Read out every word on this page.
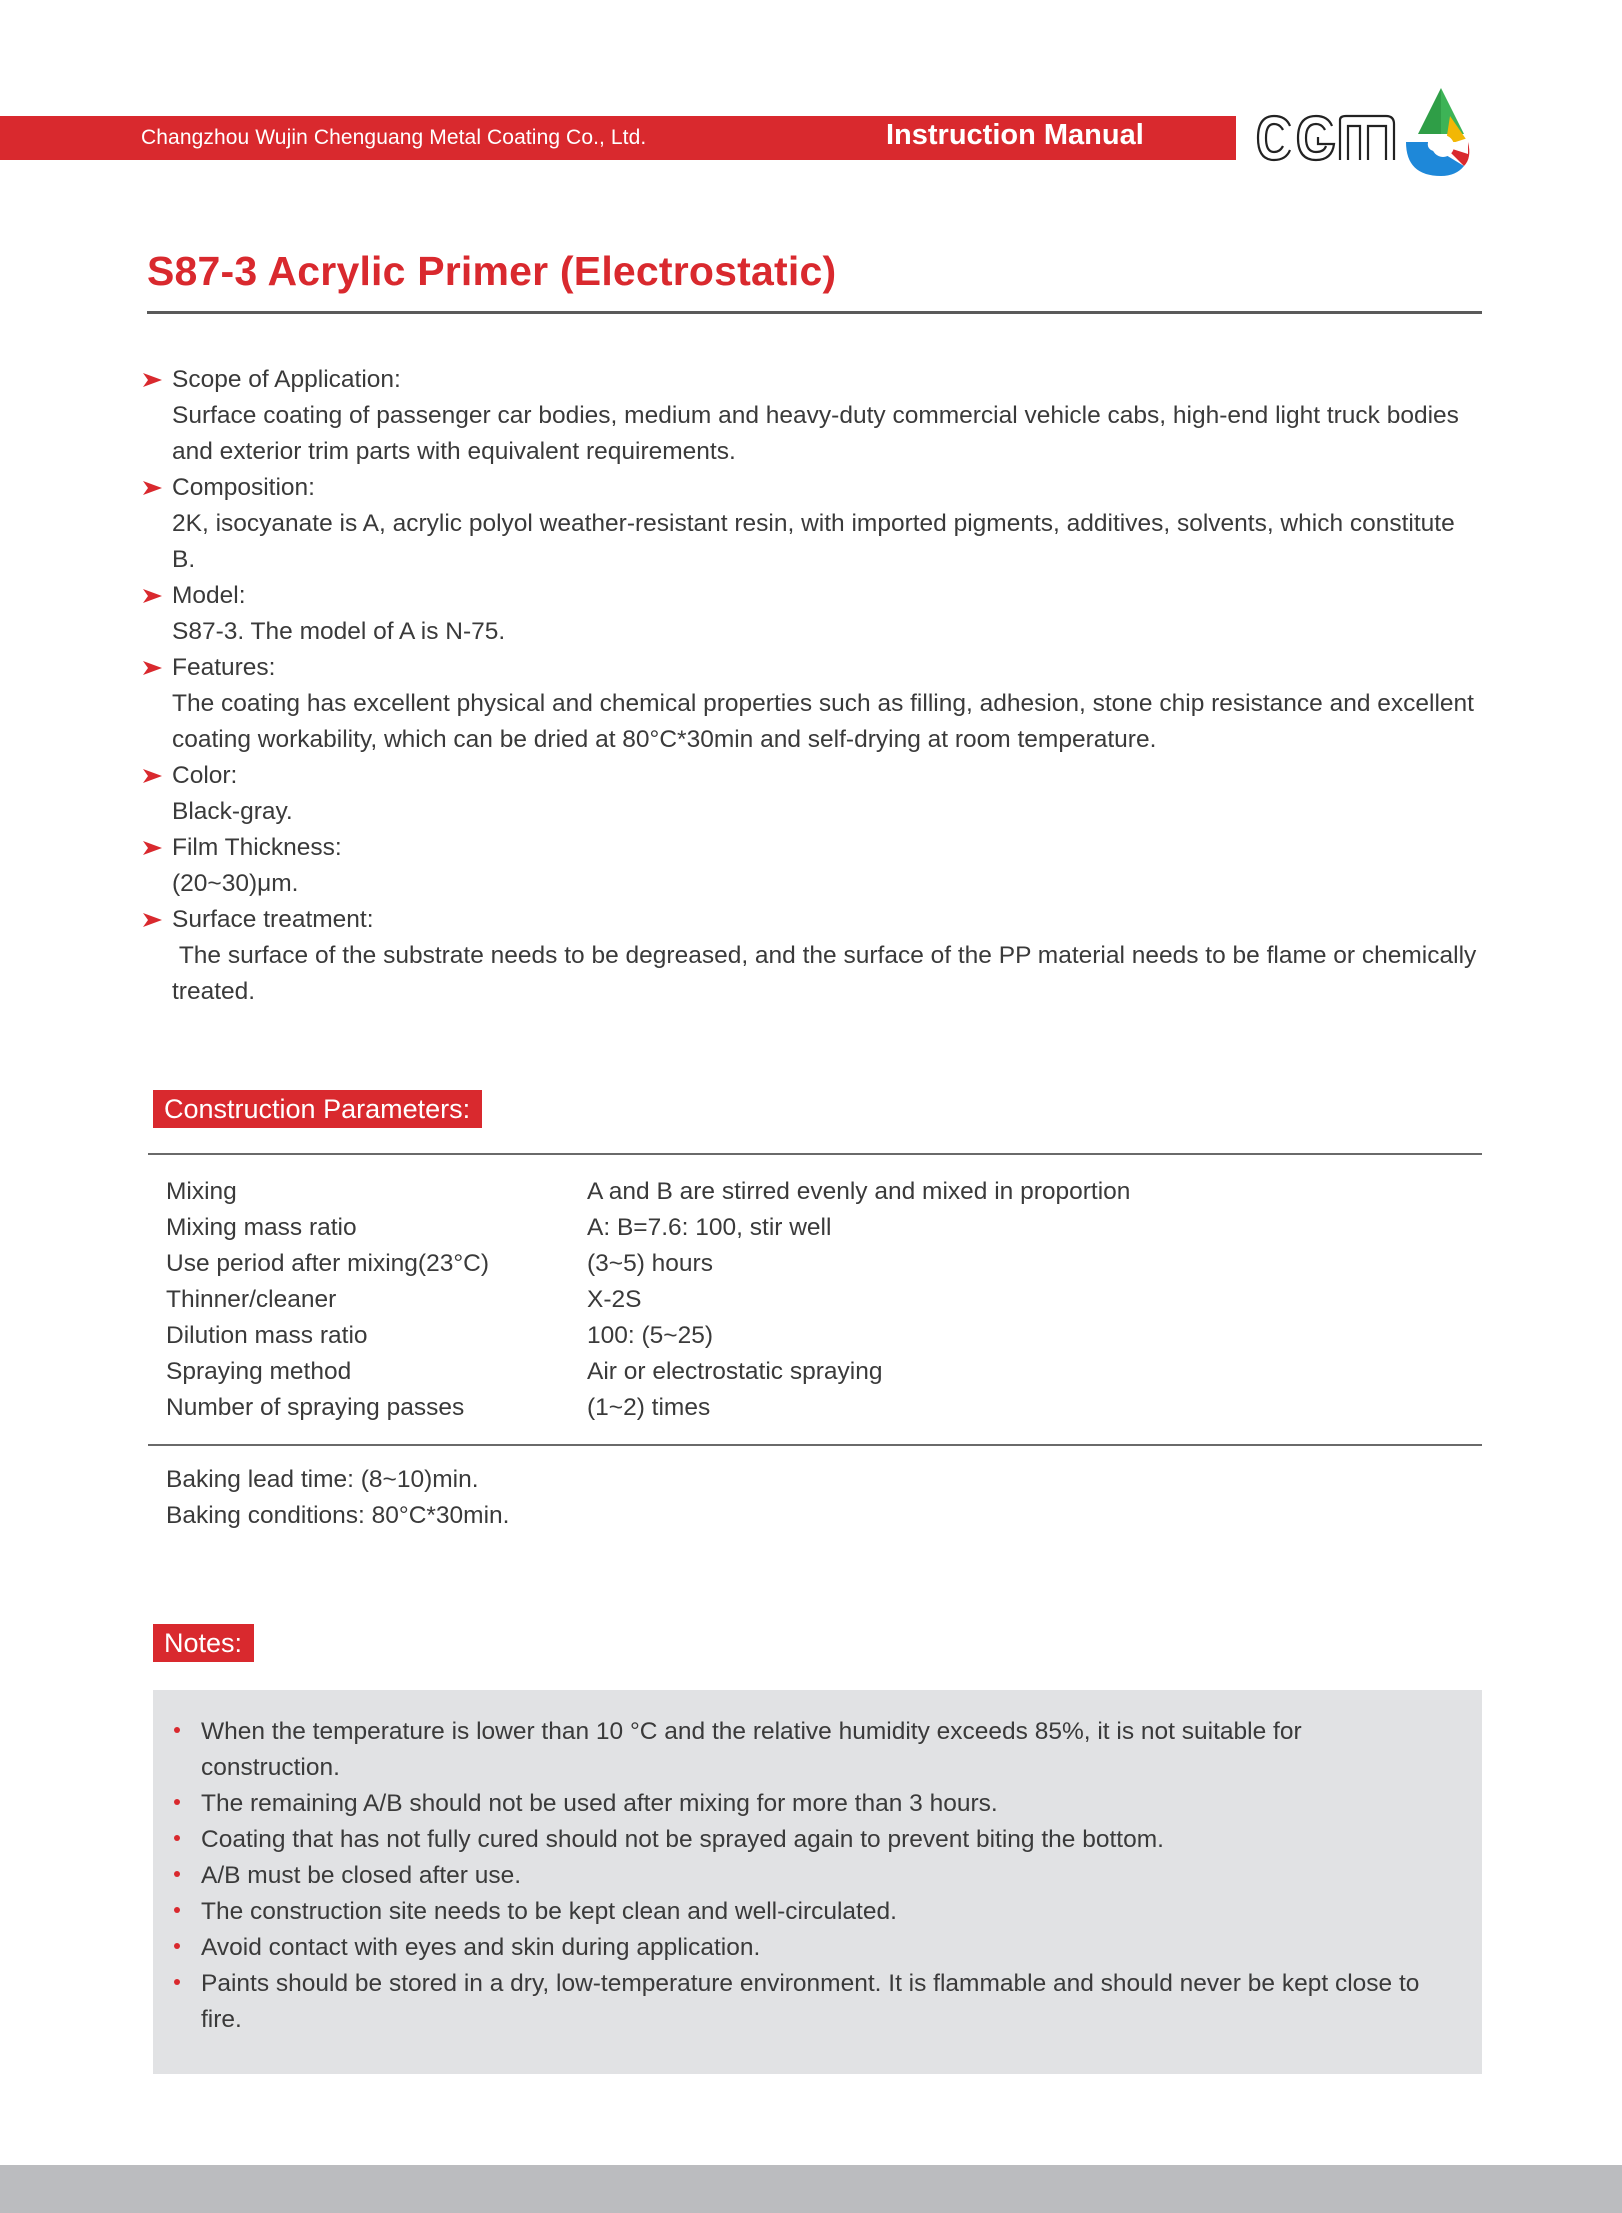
Changzhou Wujin Chenguang Metal Coating Co., Ltd.	Instruction Manual
S87-3 Acrylic Primer (Electrostatic)
Scope of Application:
Surface coating of passenger car bodies, medium and heavy-duty commercial vehicle cabs, high-end light truck bodies and exterior trim parts with equivalent requirements.
Composition:
2K, isocyanate is A, acrylic polyol weather-resistant resin, with imported pigments, additives, solvents, which constitute B.
Model:
S87-3. The model of A is N-75.
Features:
The coating has excellent physical and chemical properties such as filling, adhesion, stone chip resistance and excellent coating workability, which can be dried at 80°C*30min and self-drying at room temperature.
Color:
Black-gray.
Film Thickness:
(20~30)μm.
Surface treatment:
The surface of the substrate needs to be degreased, and the surface of the PP material needs to be flame or chemically treated.
Construction Parameters:
Mixing	A and B are stirred evenly and mixed in proportion
Mixing mass ratio	A: B=7.6: 100, stir well
Use period after mixing(23°C)	(3~5) hours
Thinner/cleaner	X-2S
Dilution mass ratio	100: (5~25)
Spraying method	Air or electrostatic spraying
Number of spraying passes	(1~2) times
Baking lead time: (8~10)min.
Baking conditions: 80°C*30min.
Notes:
When the temperature is lower than 10 °C and the relative humidity exceeds 85%, it is not suitable for construction.
The remaining A/B should not be used after mixing for more than 3 hours.
Coating that has not fully cured should not be sprayed again to prevent biting the bottom.
A/B must be closed after use.
The construction site needs to be kept clean and well-circulated.
Avoid contact with eyes and skin during application.
Paints should be stored in a dry, low-temperature environment. It is flammable and should never be kept close to fire.
